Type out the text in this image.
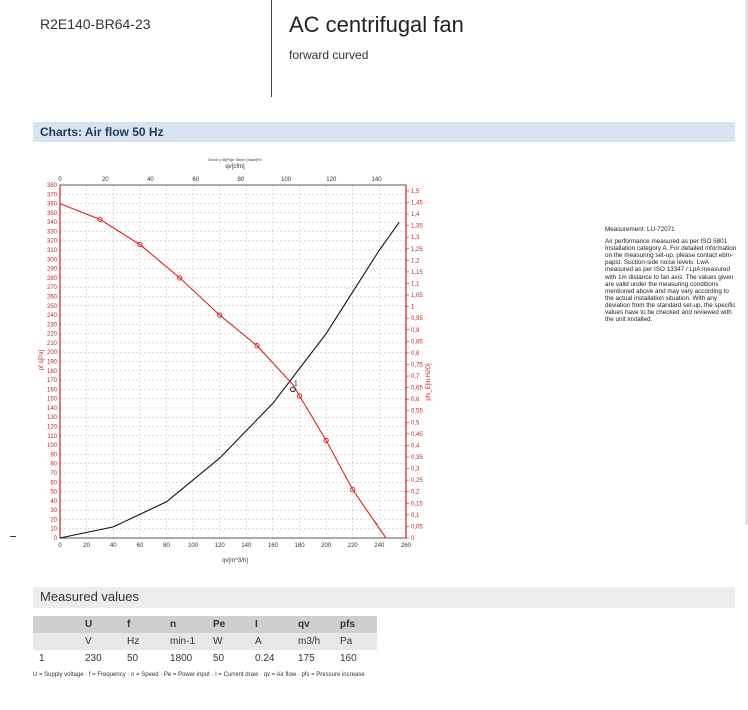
R2E140-BR64-23	AC centrifugal fan
forward curved
Charts: Air flow 50 Hz
0
10
20
30
40
50
60
70
80
90
100
110
120
130
140
150
160
170
180
190
200
210
220
230
240
250
260
270
280
290
300
310
320
330
340
350
360
370
380
0	20	40	60	80	100	120	140	160	180	200	220	240	260
0	20	40	60	80	100	120	140
0
0,05
0,1
0,15
0,2
0,25
0,3
0,35
0,4
0,45
0,5
0,55
0,6
0,65
0,7
0,75
0,8
0,85
0,9
0,95
1
1,05
1,1
1,15
1,2
1,25
1,3
1,35
1,4
1,45
1,5
1
1
Druck p fă[Pa]e Strom [Vaue]t%
qv[cfm]
qv[m^3/h]
pf s[Pa]
pfs_E[in.H2O]

Measurement: LU-72071

Air performance measured as per ISO 5801 Installation category A. For detailed information on the measuring set-up, please contact ebm-papst. Suction-side noise levels: LwA measured as per ISO 13347 / LpA measured with 1m distance to fan axis. The values given are valid under the measuring conditions mentioned above and may vary according to the actual installation situation. With any deviation from the standard set-up, the specific values have to be checked and reviewed with the unit installed.

Measured values
	U	f	n	Pe	I	qv	pfs
	V	Hz	min-1	W	A	m3/h	Pa
1	230	50	1800	50	0.24	175	160
U = Supply voltage · f = Frequency · n = Speed · Pe = Power input · I = Current draw · qv = Air flow · pfs = Pressure increase
